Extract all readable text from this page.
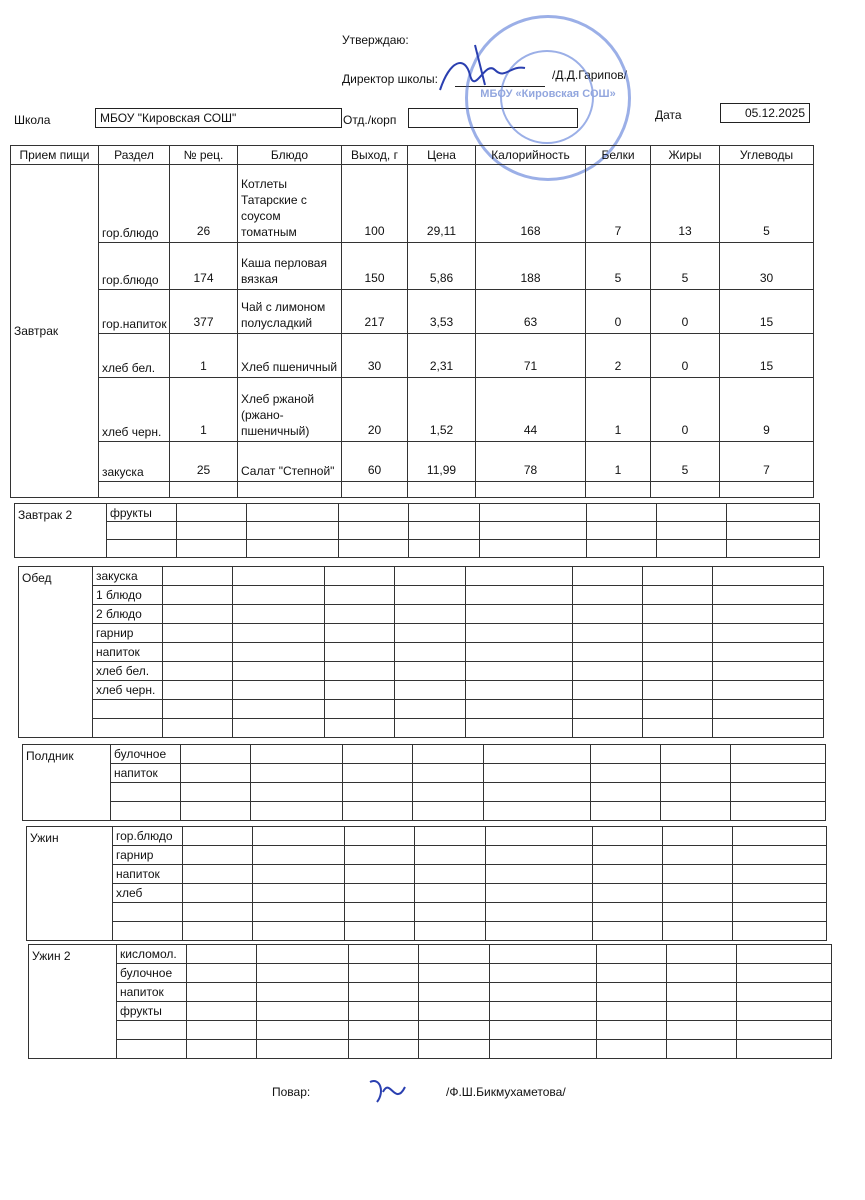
Утверждаю:
Директор школы:	/Д.Д.Гарипов/
Школа	МБОУ "Кировская СОШ"	Отд./корп	Дата	05.12.2025
МБОУ «Кировская СОШ»
Прием пищи	Раздел	№ рец.	Блюдо	Выход, г	Цена	Калорийность	Белки	Жиры	Углеводы
Завтрак	гор.блюдо	26	Котлеты Татарские с соусом томатным	100	29,11	168	7	13	5
	гор.блюдо	174	Каша перловая вязкая	150	5,86	188	5	5	30
	гор.напиток	377	Чай с лимоном полусладкий	217	3,53	63	0	0	15
	хлеб бел.	1	Хлеб пшеничный	30	2,31	71	2	0	15
	хлеб черн.	1	Хлеб ржаной (ржано-пшеничный)	20	1,52	44	1	0	9
	закуска	25	Салат "Степной"	60	11,99	78	1	5	7

Завтрак 2	фрукты								

Обед	закуска								
	1 блюдо								
	2 блюдо								
	гарнир								
	напиток								
	хлеб бел.								
	хлеб черн.								

Полдник	булочное								
	напиток								

Ужин	гор.блюдо								
	гарнир								
	напиток								
	хлеб								

Ужин 2	кисломол.								
	булочное								
	напиток								
	фрукты								

Повар:	/Ф.Ш.Бикмухаметова/
